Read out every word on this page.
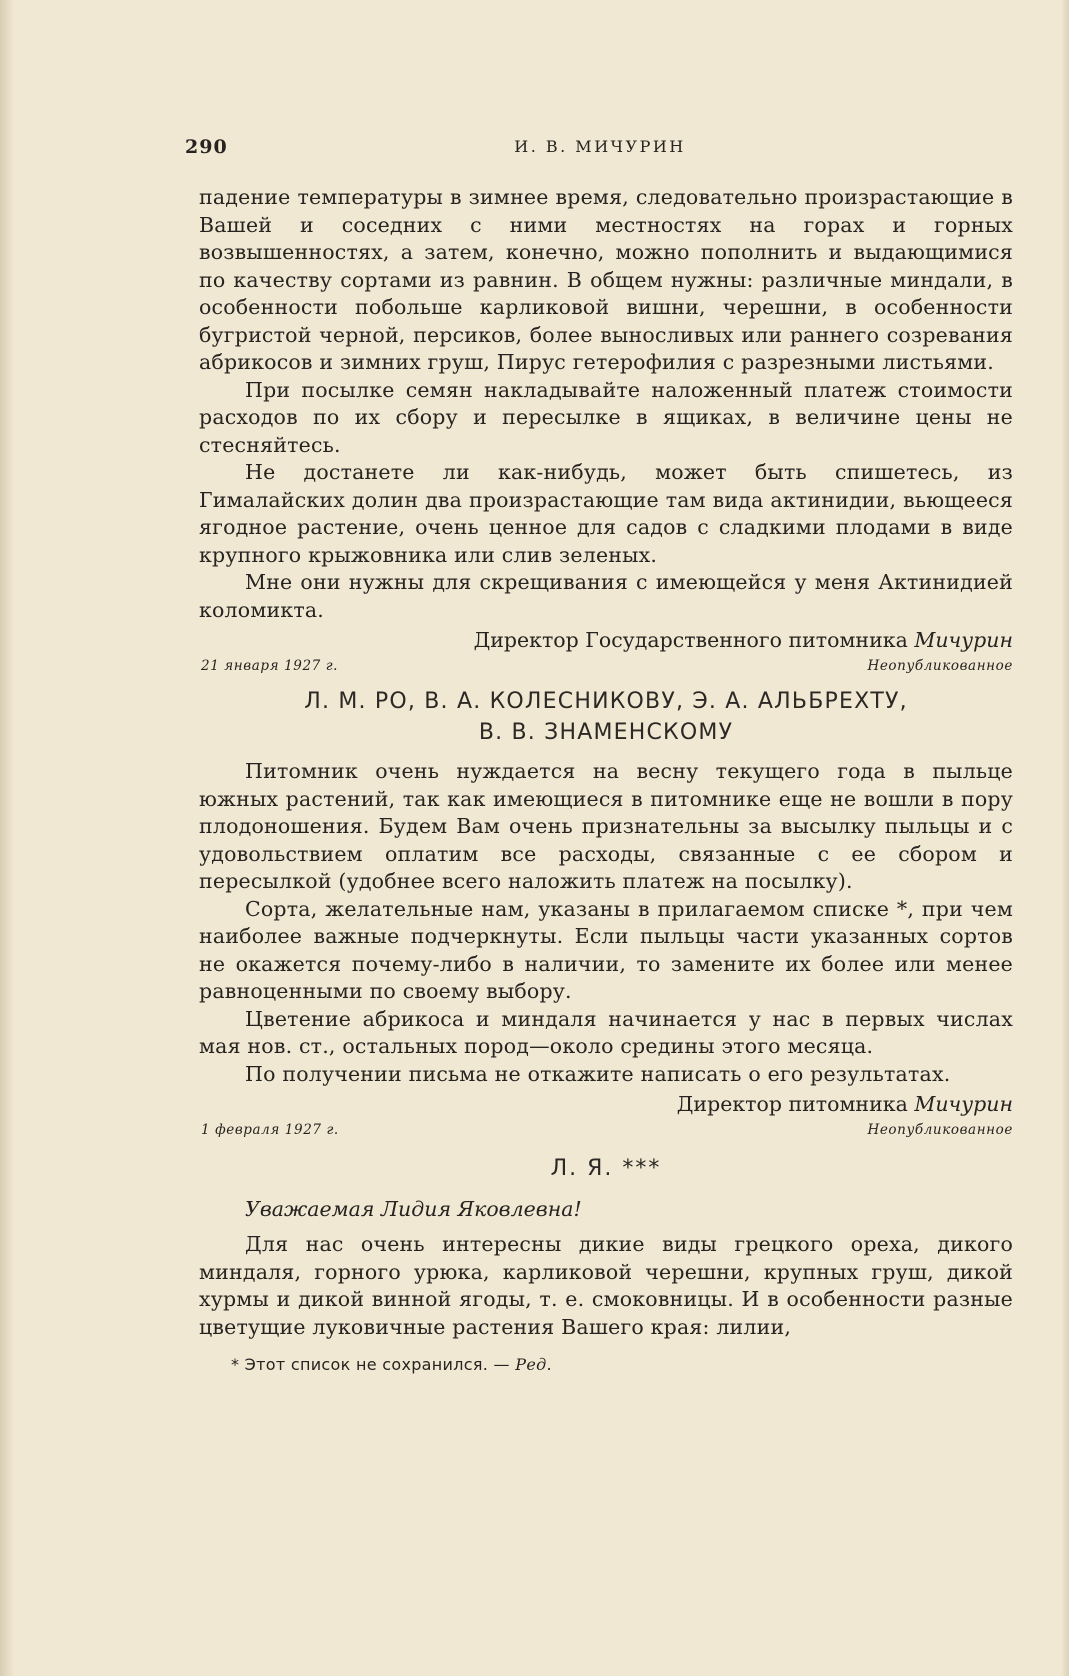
290	И. В. МИЧУРИН

падение температуры в зимнее время, следовательно произрастающие в Вашей и соседних с ними местностях на горах и горных возвышенностях, а затем, конечно, можно пополнить и выдающимися по качеству сортами из равнин. В общем нужны: различные миндали, в особенности побольше карликовой вишни, черешни, в особенности бугристой черной, персиков, более выносливых или раннего созревания абрикосов и зимних груш, Пирус гетерофилия с разрезными листьями.

При посылке семян накладывайте наложенный платеж стоимости расходов по их сбору и пересылке в ящиках, в величине цены не стесняйтесь.

Не достанете ли как-нибудь, может быть спишетесь, из Гималайских долин два произрастающие там вида актинидии, вьющееся ягодное растение, очень ценное для садов с сладкими плодами в виде крупного крыжовника или слив зеленых.

Мне они нужны для скрещивания с имеющейся у меня Актинидией коломикта.

Директор Государственного питомника Мичурин
21 января 1927 г.	Неопубликованное
Л. М. РО, В. А. КОЛЕСНИКОВУ, Э. А. АЛЬБРЕХТУ,
В. В. ЗНАМЕНСКОМУ

Питомник очень нуждается на весну текущего года в пыльце южных растений, так как имеющиеся в питомнике еще не вошли в пору плодоношения. Будем Вам очень признательны за высылку пыльцы и с удовольствием оплатим все расходы, связанные с ее сбором и пересылкой (удобнее всего наложить платеж на посылку).

Сорта, желательные нам, указаны в прилагаемом списке *, при чем наиболее важные подчеркнуты. Если пыльцы части указанных сортов не окажется почему-либо в наличии, то замените их более или менее равноценными по своему выбору.

Цветение абрикоса и миндаля начинается у нас в первых числах мая нов. ст., остальных пород—около средины этого месяца.

По получении письма не откажите написать о его результатах.

Директор питомника Мичурин
1 февраля 1927 г.	Неопубликованное
Л. Я. ***

Уважаемая Лидия Яковлевна!

Для нас очень интересны дикие виды грецкого ореха, дикого миндаля, горного урюка, карликовой черешни, крупных груш, дикой хурмы и дикой винной ягоды, т. е. смоковницы. И в особенности разные цветущие луковичные растения Вашего края: лилии,

* Этот список не сохранился. — Ред.
